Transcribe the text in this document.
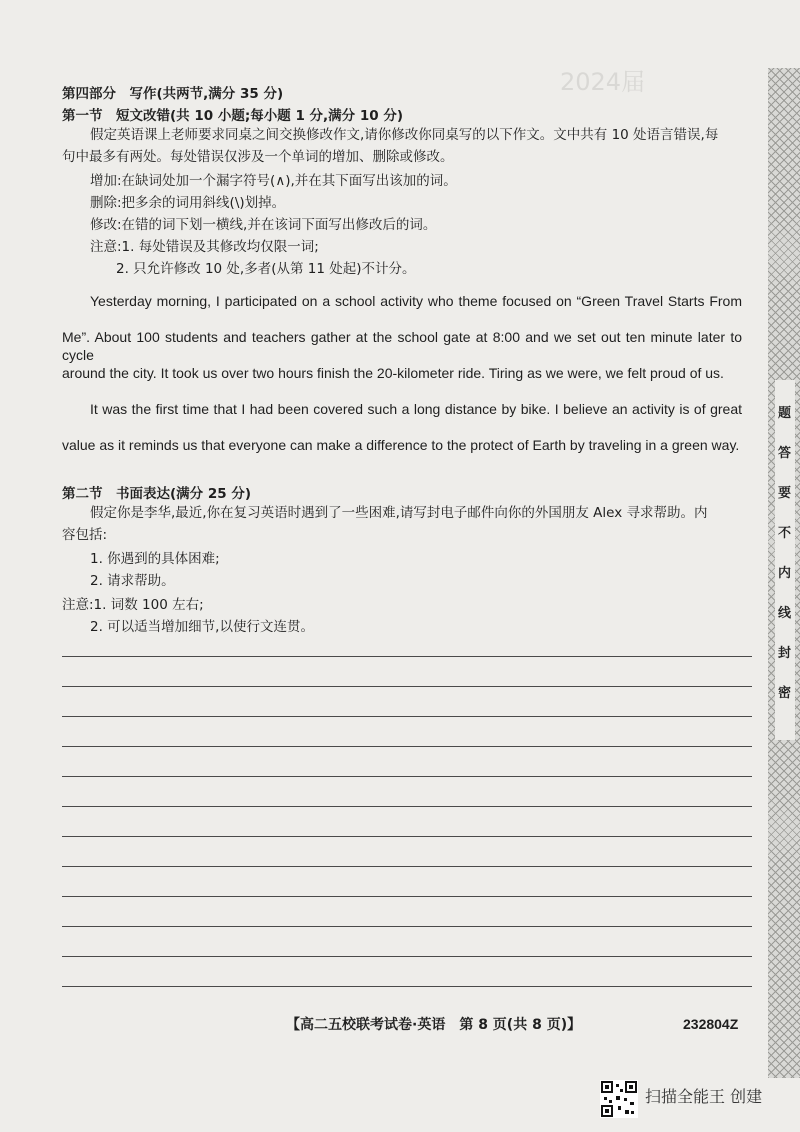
2024届
第四部分　写作(共两节,满分 35 分)
第一节　短文改错(共 10 小题;每小题 1 分,满分 10 分)
假定英语课上老师要求同桌之间交换修改作文,请你修改你同桌写的以下作文。文中共有 10 处语言错误,每
句中最多有两处。每处错误仅涉及一个单词的增加、删除或修改。
增加:在缺词处加一个漏字符号(∧),并在其下面写出该加的词。
删除:把多余的词用斜线(\)划掉。
修改:在错的词下划一横线,并在该词下面写出修改后的词。
注意:1. 每处错误及其修改均仅限一词;
2. 只允许修改 10 处,多者(从第 11 处起)不计分。
Yesterday morning, I participated on a school activity who theme focused on “Green Travel Starts From
Me”. About 100 students and teachers gather at the school gate at 8:00 and we set out ten minute later to cycle
around the city. It took us over two hours finish the 20-kilometer ride. Tiring as we were, we felt proud of us.
It was the first time that I had been covered such a long distance by bike. I believe an activity is of great
value as it reminds us that everyone can make a difference to the protect of Earth by traveling in a green way.
第二节　书面表达(满分 25 分)
假定你是李华,最近,你在复习英语时遇到了一些困难,请写封电子邮件向你的外国朋友 Alex 寻求帮助。内
容包括:
1. 你遇到的具体困难;
2. 请求帮助。
注意:1. 词数 100 左右;
2. 可以适当增加细节,以使行文连贯。
【高二五校联考试卷·英语　第 8 页(共 8 页)】	232804Z
题
答
要
不
内
线
封
密
扫描全能王 创建
